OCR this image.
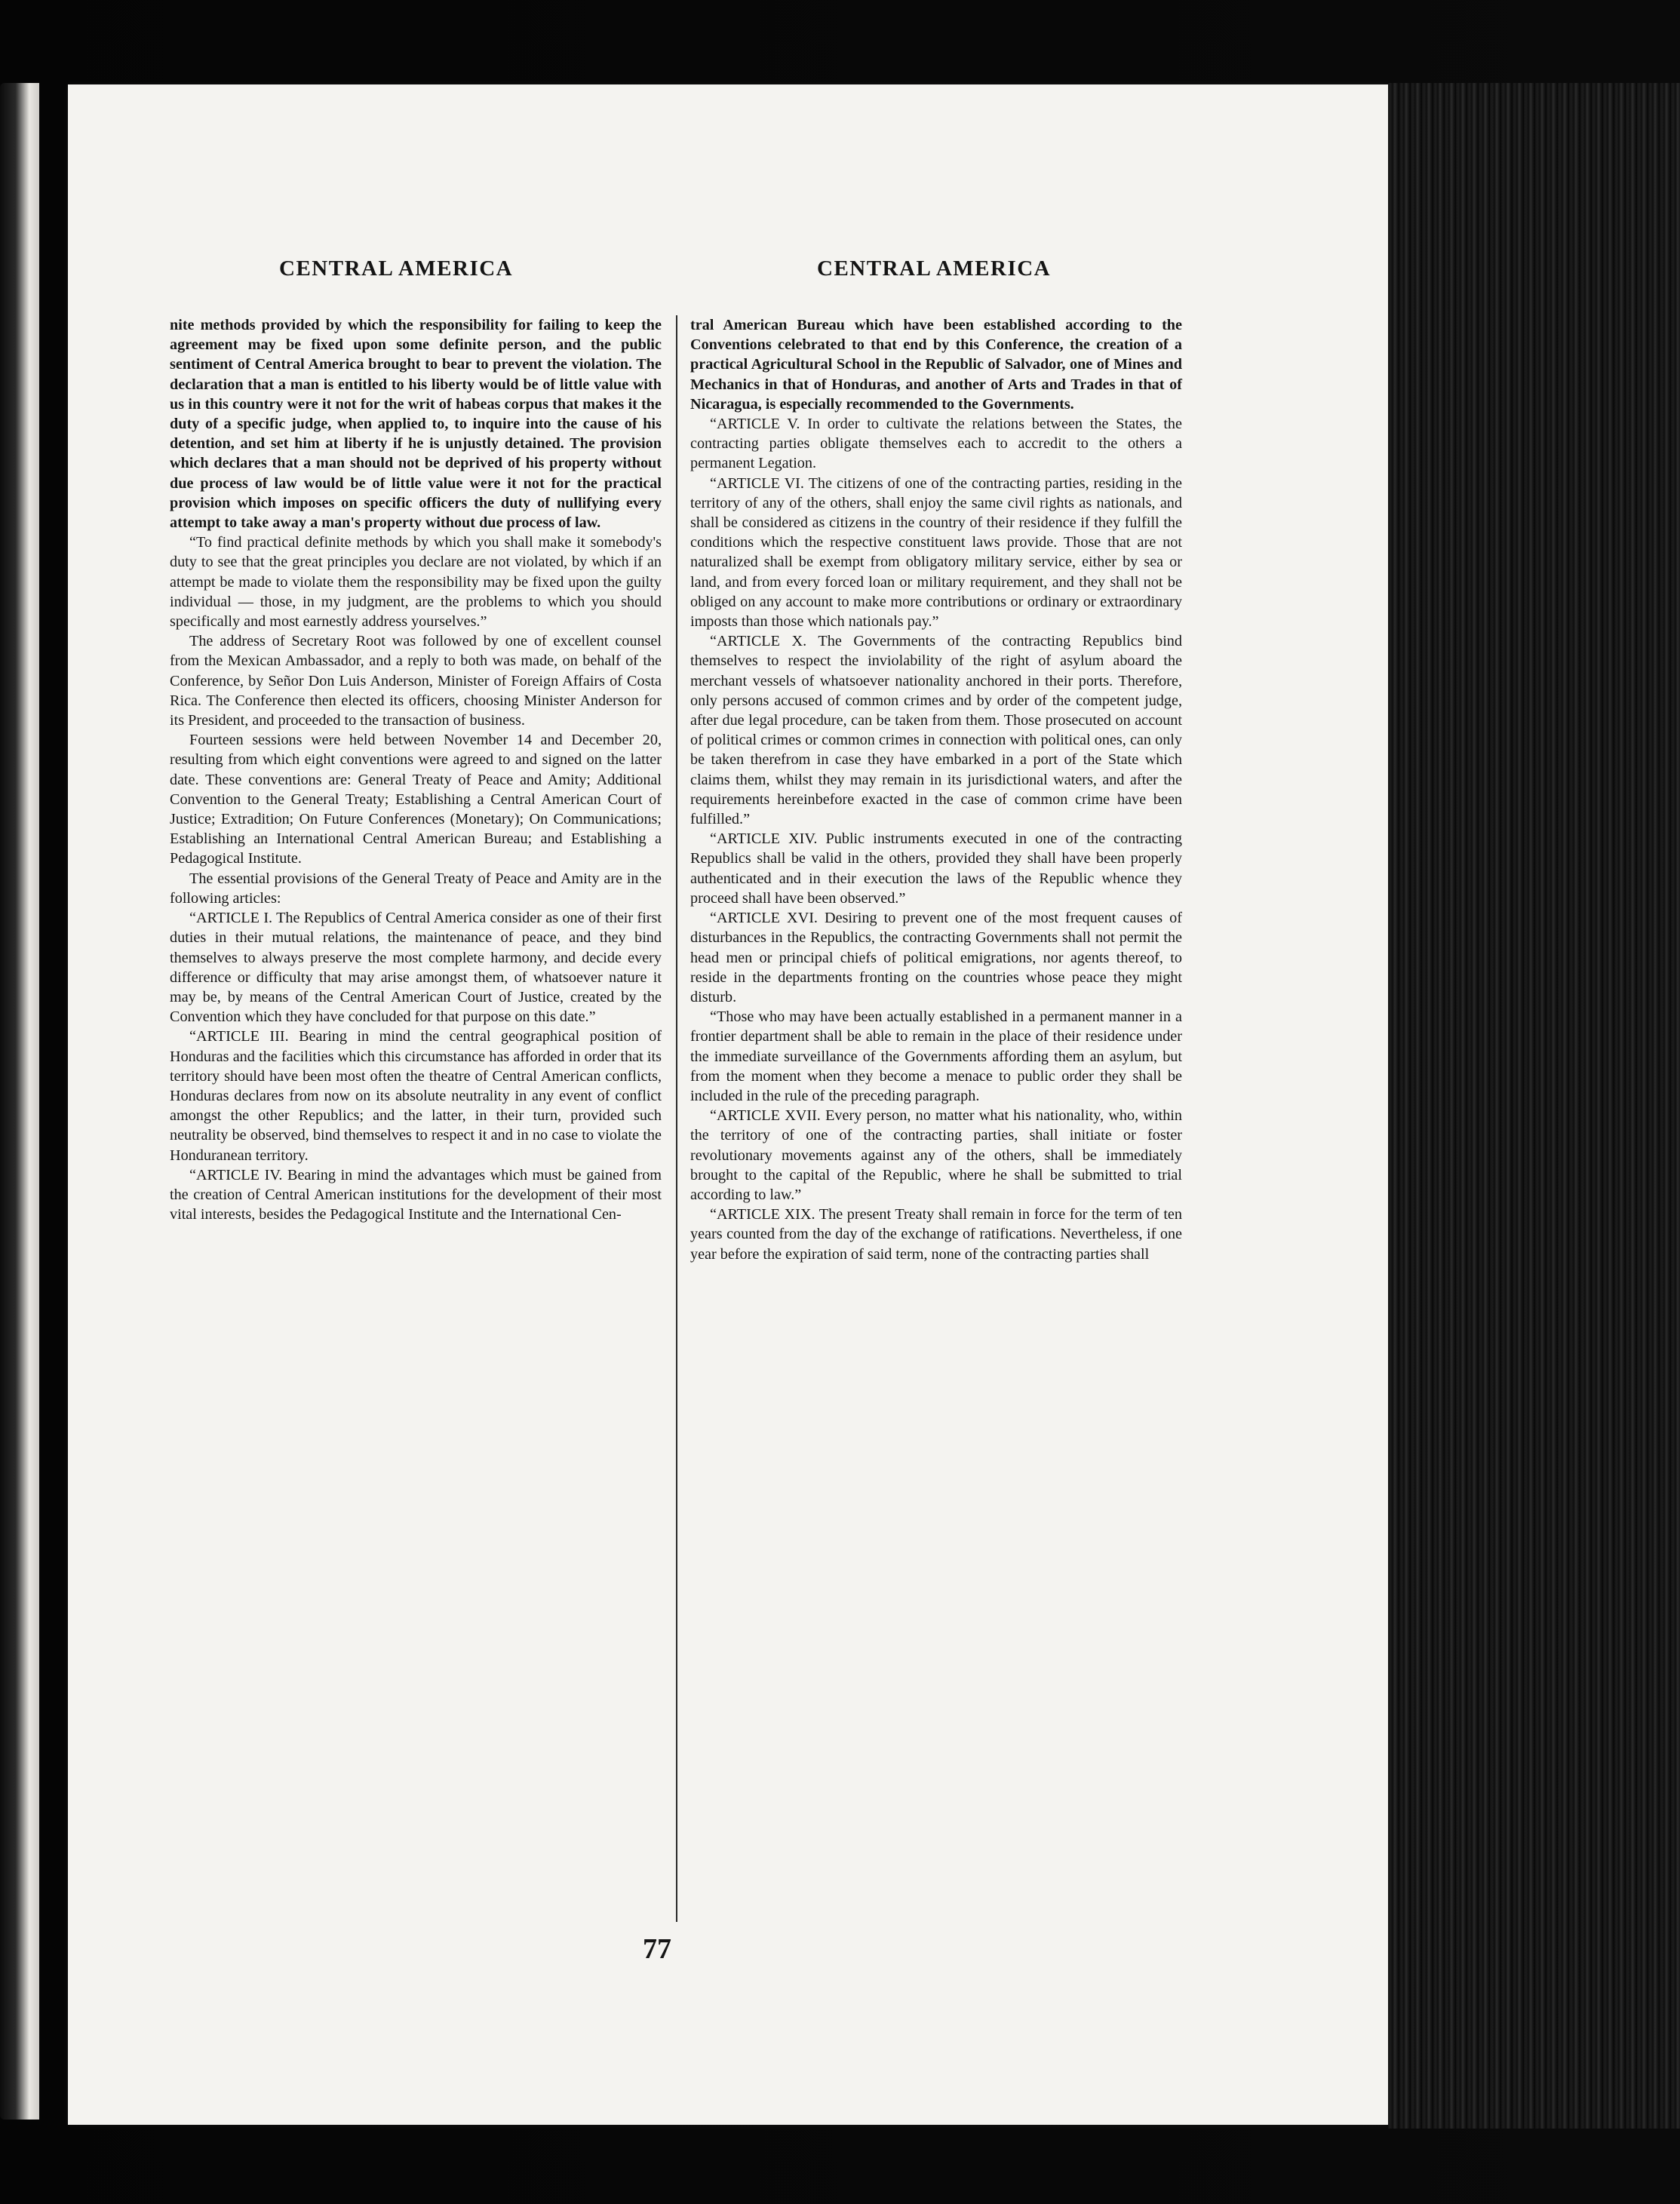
CENTRAL AMERICA	CENTRAL AMERICA

nite methods provided by which the responsibility for failing to keep the agreement may be fixed upon some definite person, and the public sentiment of Central America brought to bear to prevent the violation. The declaration that a man is entitled to his liberty would be of little value with us in this country were it not for the writ of habeas corpus that makes it the duty of a specific judge, when applied to, to inquire into the cause of his detention, and set him at liberty if he is unjustly detained. The provision which declares that a man should not be deprived of his property without due process of law would be of little value were it not for the practical provision which imposes on specific officers the duty of nullifying every attempt to take away a man's property without due process of law.

“To find practical definite methods by which you shall make it somebody's duty to see that the great principles you declare are not violated, by which if an attempt be made to violate them the responsibility may be fixed upon the guilty individual — those, in my judgment, are the problems to which you should specifically and most earnestly address yourselves.”

The address of Secretary Root was followed by one of excellent counsel from the Mexican Ambassador, and a reply to both was made, on behalf of the Conference, by Señor Don Luis Anderson, Minister of Foreign Affairs of Costa Rica. The Conference then elected its officers, choosing Minister Anderson for its President, and proceeded to the transaction of business.

Fourteen sessions were held between November 14 and December 20, resulting from which eight conventions were agreed to and signed on the latter date. These conventions are: General Treaty of Peace and Amity; Additional Convention to the General Treaty; Establishing a Central American Court of Justice; Extradition; On Future Conferences (Monetary); On Communications; Establishing an International Central American Bureau; and Establishing a Pedagogical Institute.

The essential provisions of the General Treaty of Peace and Amity are in the following articles:

“ARTICLE I. The Republics of Central America consider as one of their first duties in their mutual relations, the maintenance of peace, and they bind themselves to always preserve the most complete harmony, and decide every difference or difficulty that may arise amongst them, of whatsoever nature it may be, by means of the Central American Court of Justice, created by the Convention which they have concluded for that purpose on this date.”

“ARTICLE III. Bearing in mind the central geographical position of Honduras and the facilities which this circumstance has afforded in order that its territory should have been most often the theatre of Central American conflicts, Honduras declares from now on its absolute neutrality in any event of conflict amongst the other Republics; and the latter, in their turn, provided such neutrality be observed, bind themselves to respect it and in no case to violate the Honduranean territory.

“ARTICLE IV. Bearing in mind the advantages which must be gained from the creation of Central American institutions for the development of their most vital interests, besides the Pedagogical Institute and the International Cen-

tral American Bureau which have been established according to the Conventions celebrated to that end by this Conference, the creation of a practical Agricultural School in the Republic of Salvador, one of Mines and Mechanics in that of Honduras, and another of Arts and Trades in that of Nicaragua, is especially recommended to the Governments.

“ARTICLE V. In order to cultivate the relations between the States, the contracting parties obligate themselves each to accredit to the others a permanent Legation.

“ARTICLE VI. The citizens of one of the contracting parties, residing in the territory of any of the others, shall enjoy the same civil rights as nationals, and shall be considered as citizens in the country of their residence if they fulfill the conditions which the respective constituent laws provide. Those that are not naturalized shall be exempt from obligatory military service, either by sea or land, and from every forced loan or military requirement, and they shall not be obliged on any account to make more contributions or ordinary or extraordinary imposts than those which nationals pay.”

“ARTICLE X. The Governments of the contracting Republics bind themselves to respect the inviolability of the right of asylum aboard the merchant vessels of whatsoever nationality anchored in their ports. Therefore, only persons accused of common crimes and by order of the competent judge, after due legal procedure, can be taken from them. Those prosecuted on account of political crimes or common crimes in connection with political ones, can only be taken therefrom in case they have embarked in a port of the State which claims them, whilst they may remain in its jurisdictional waters, and after the requirements hereinbefore exacted in the case of common crime have been fulfilled.”

“ARTICLE XIV. Public instruments executed in one of the contracting Republics shall be valid in the others, provided they shall have been properly authenticated and in their execution the laws of the Republic whence they proceed shall have been observed.”

“ARTICLE XVI. Desiring to prevent one of the most frequent causes of disturbances in the Republics, the contracting Governments shall not permit the head men or principal chiefs of political emigrations, nor agents thereof, to reside in the departments fronting on the countries whose peace they might disturb.

“Those who may have been actually established in a permanent manner in a frontier department shall be able to remain in the place of their residence under the immediate surveillance of the Governments affording them an asylum, but from the moment when they become a menace to public order they shall be included in the rule of the preceding paragraph.

“ARTICLE XVII. Every person, no matter what his nationality, who, within the territory of one of the contracting parties, shall initiate or foster revolutionary movements against any of the others, shall be immediately brought to the capital of the Republic, where he shall be submitted to trial according to law.”

“ARTICLE XIX. The present Treaty shall remain in force for the term of ten years counted from the day of the exchange of ratifications. Nevertheless, if one year before the expiration of said term, none of the contracting parties shall

77
